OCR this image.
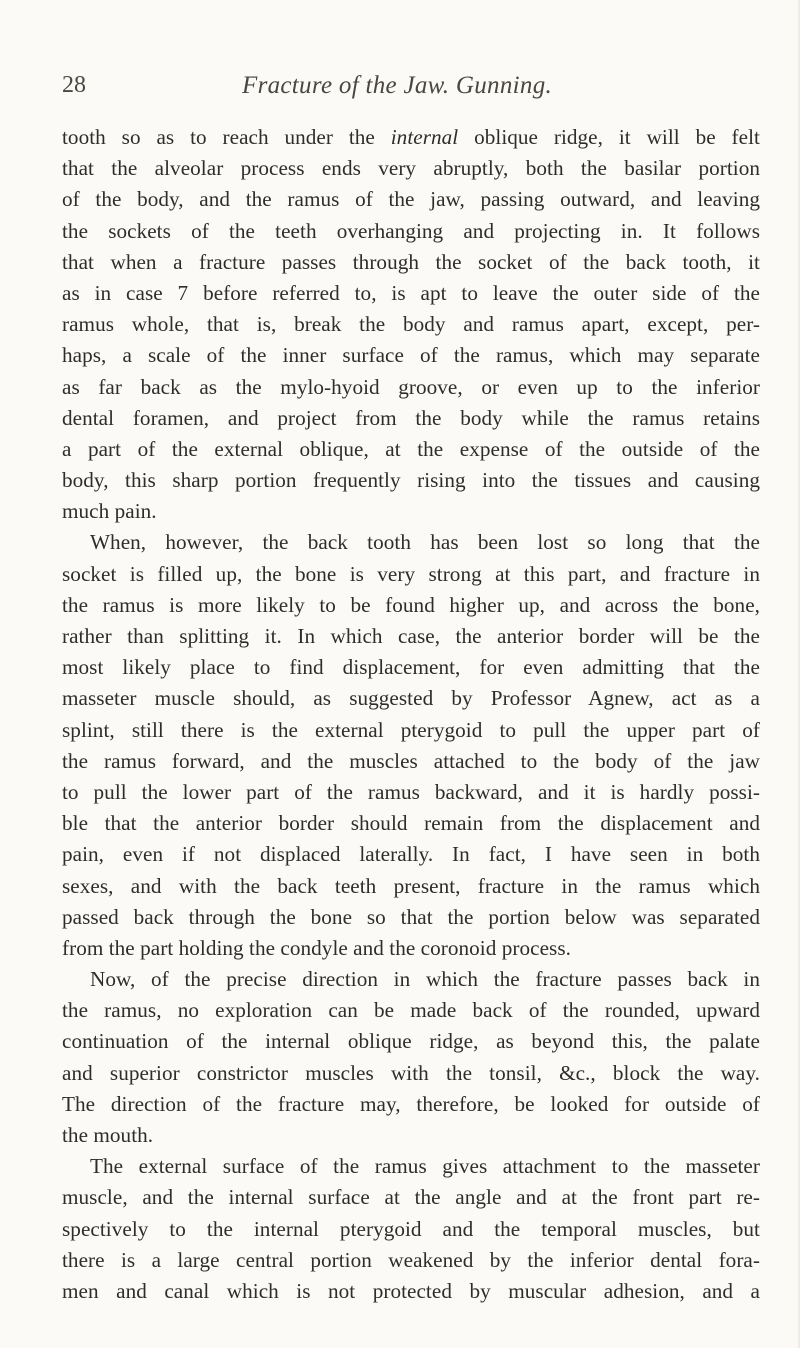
28	Fracture of the Jaw. Gunning.
tooth so as to reach under the internal oblique ridge, it will be felt
that the alveolar process ends very abruptly, both the basilar portion
of the body, and the ramus of the jaw, passing outward, and leaving
the sockets of the teeth overhanging and projecting in. It follows
that when a fracture passes through the socket of the back tooth, it
as in case 7 before referred to, is apt to leave the outer side of the
ramus whole, that is, break the body and ramus apart, except, per-
haps, a scale of the inner surface of the ramus, which may separate
as far back as the mylo-hyoid groove, or even up to the inferior
dental foramen, and project from the body while the ramus retains
a part of the external oblique, at the expense of the outside of the
body, this sharp portion frequently rising into the tissues and causing
much pain.
When, however, the back tooth has been lost so long that the
socket is filled up, the bone is very strong at this part, and fracture in
the ramus is more likely to be found higher up, and across the bone,
rather than splitting it. In which case, the anterior border will be the
most likely place to find displacement, for even admitting that the
masseter muscle should, as suggested by Professor Agnew, act as a
splint, still there is the external pterygoid to pull the upper part of
the ramus forward, and the muscles attached to the body of the jaw
to pull the lower part of the ramus backward, and it is hardly possi-
ble that the anterior border should remain from the displacement and
pain, even if not displaced laterally. In fact, I have seen in both
sexes, and with the back teeth present, fracture in the ramus which
passed back through the bone so that the portion below was separated
from the part holding the condyle and the coronoid process.
Now, of the precise direction in which the fracture passes back in
the ramus, no exploration can be made back of the rounded, upward
continuation of the internal oblique ridge, as beyond this, the palate
and superior constrictor muscles with the tonsil, &c., block the way.
The direction of the fracture may, therefore, be looked for outside of
the mouth.
The external surface of the ramus gives attachment to the masseter
muscle, and the internal surface at the angle and at the front part re-
spectively to the internal pterygoid and the temporal muscles, but
there is a large central portion weakened by the inferior dental fora-
men and canal which is not protected by muscular adhesion, and a
